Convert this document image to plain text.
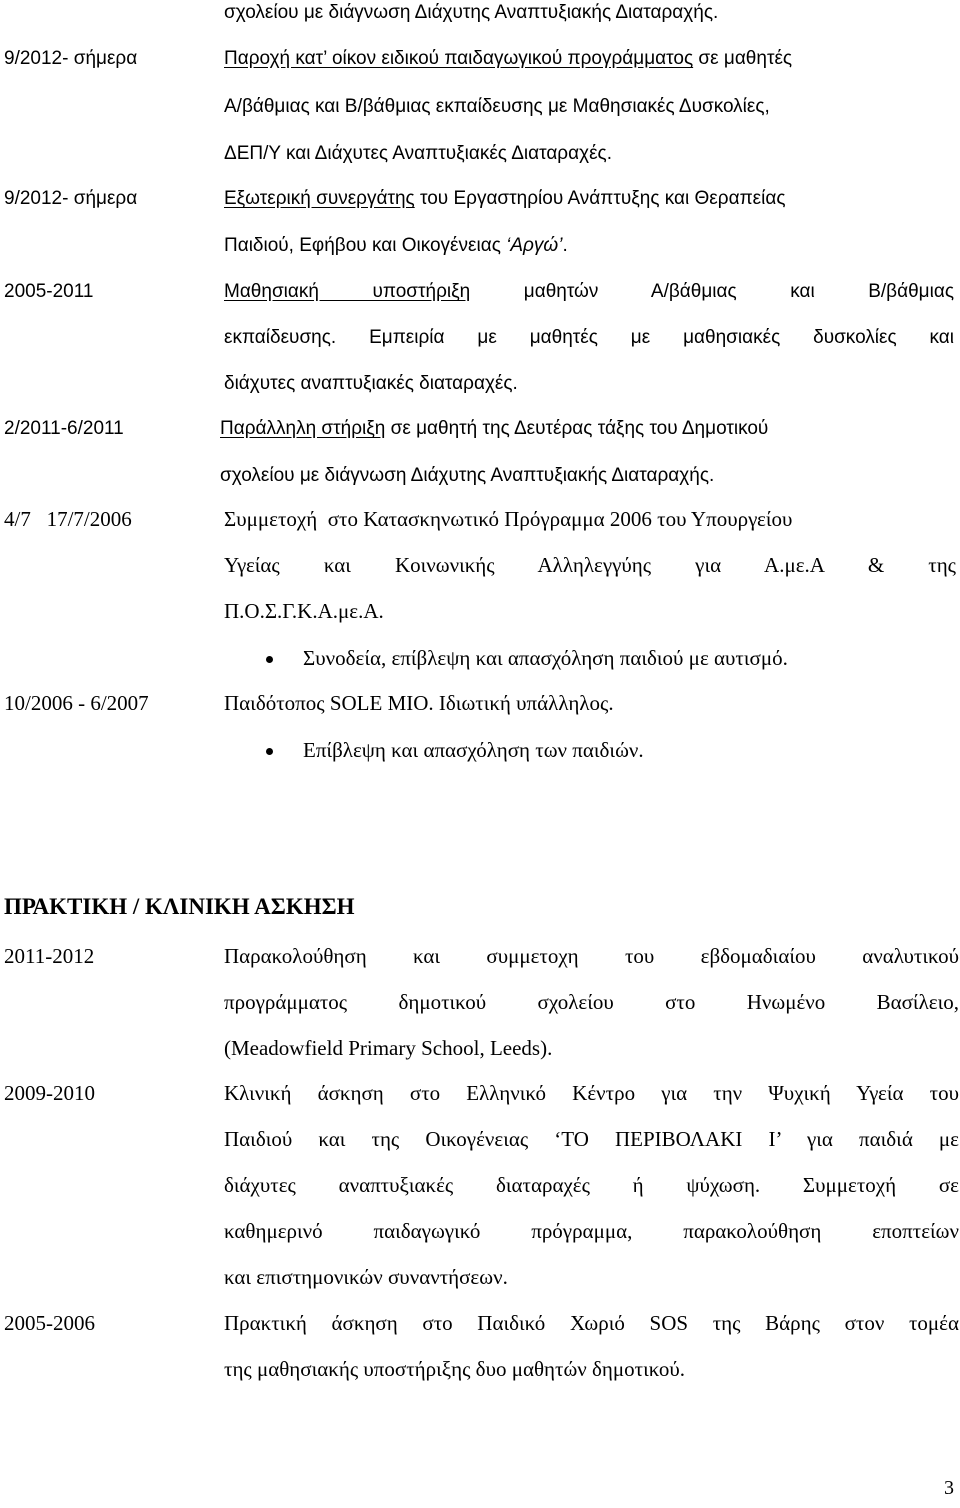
σχολείου με διάγνωση Διάχυτης Αναπτυξιακής Διαταραχής.
9/2012- σήμερα	Παροχή κατ’ οίκον ειδικού παιδαγωγικού προγράμματος σε μαθητές
Α/βάθμιας και Β/βάθμιας εκπαίδευσης με Μαθησιακές Δυσκολίες,
ΔΕΠ/Υ και Διάχυτες Αναπτυξιακές Διαταραχές.
9/2012- σήμερα	Εξωτερική συνεργάτης του Εργαστηρίου Ανάπτυξης και Θεραπείας
Παιδιού, Εφήβου και Οικογένειας ‘Αργώ’.
2005-2011	Μαθησιακή υποστήριξη μαθητών Α/βάθμιας και Β/βάθμιας
εκπαίδευσης. Εμπειρία με μαθητές με μαθησιακές δυσκολίες και
διάχυτες αναπτυξιακές διαταραχές.
2/2011-6/2011	Παράλληλη στήριξη σε μαθητή της Δευτέρας τάξης του Δημοτικού
σχολείου με διάγνωση Διάχυτης Αναπτυξιακής Διαταραχής.
4/7   17/7/2006	Συμμετοχή  στο Κατασκηνωτικό Πρόγραμμα 2006 του Υπουργείου
Υγείας και Κοινωνικής Αλληλεγγύης για Α.με.Α & της
Π.Ο.Σ.Γ.Κ.Α.με.Α.
Συνοδεία, επίβλεψη και απασχόληση παιδιού με αυτισμό.
10/2006 - 6/2007	Παιδότοπος SOLE MIO. Ιδιωτική υπάλληλος.
Επίβλεψη και απασχόληση των παιδιών.
ΠΡΑΚΤΙΚΗ / ΚΛΙΝΙΚΗ ΑΣΚΗΣΗ
2011-2012	Παρακολούθηση και συμμετοχη του εβδομαδιαίου αναλυτικού
προγράμματος δημοτικού σχολείου στο Ηνωμένο Βασίλειο,
(Meadowfield Primary School, Leeds).
2009-2010	Κλινική άσκηση στο Ελληνικό Κέντρο για την Ψυχική Υγεία του
Παιδιού και της Οικογένειας ‘ΤΟ ΠΕΡΙΒΟΛΑΚΙ Ι’ για παιδιά με
διάχυτες αναπτυξιακές διαταραχές ή ψύχωση. Συμμετοχή σε
καθημερινό παιδαγωγικό πρόγραμμα, παρακολούθηση εποπτείων
και επιστημονικών συναντήσεων.
2005-2006	Πρακτική άσκηση στο Παιδικό Χωριό SOS της Βάρης στον τομέα
της μαθησιακής υποστήριξης δυο μαθητών δημοτικού.
3
